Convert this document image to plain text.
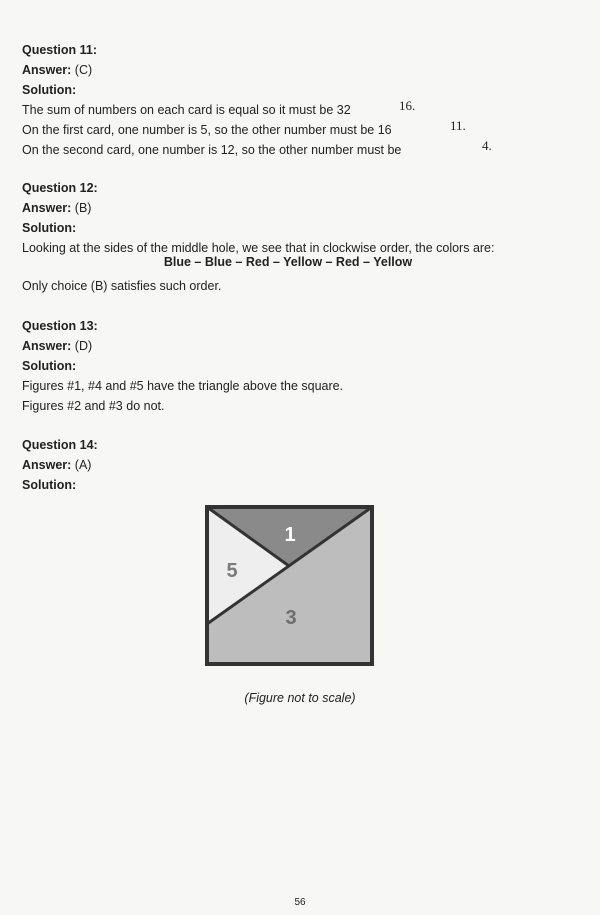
Question 11:
Answer: (C)
Solution:
The sum of numbers on each card is equal so it must be 32
On the first card, one number is 5, so the other number must be 16
On the second card, one number is 12, so the other number must be
16.
11.
4.
Question 12:
Answer: (B)
Solution:
Looking at the sides of the middle hole, we see that in clockwise order, the colors are:
Blue – Blue – Red – Yellow – Red – Yellow
Only choice (B) satisfies such order.
Question 13:
Answer: (D)
Solution:
Figures #1, #4 and #5 have the triangle above the square.
Figures #2 and #3 do not.
Question 14:
Answer: (A)
Solution:
1
5
3
(Figure not to scale)
56
